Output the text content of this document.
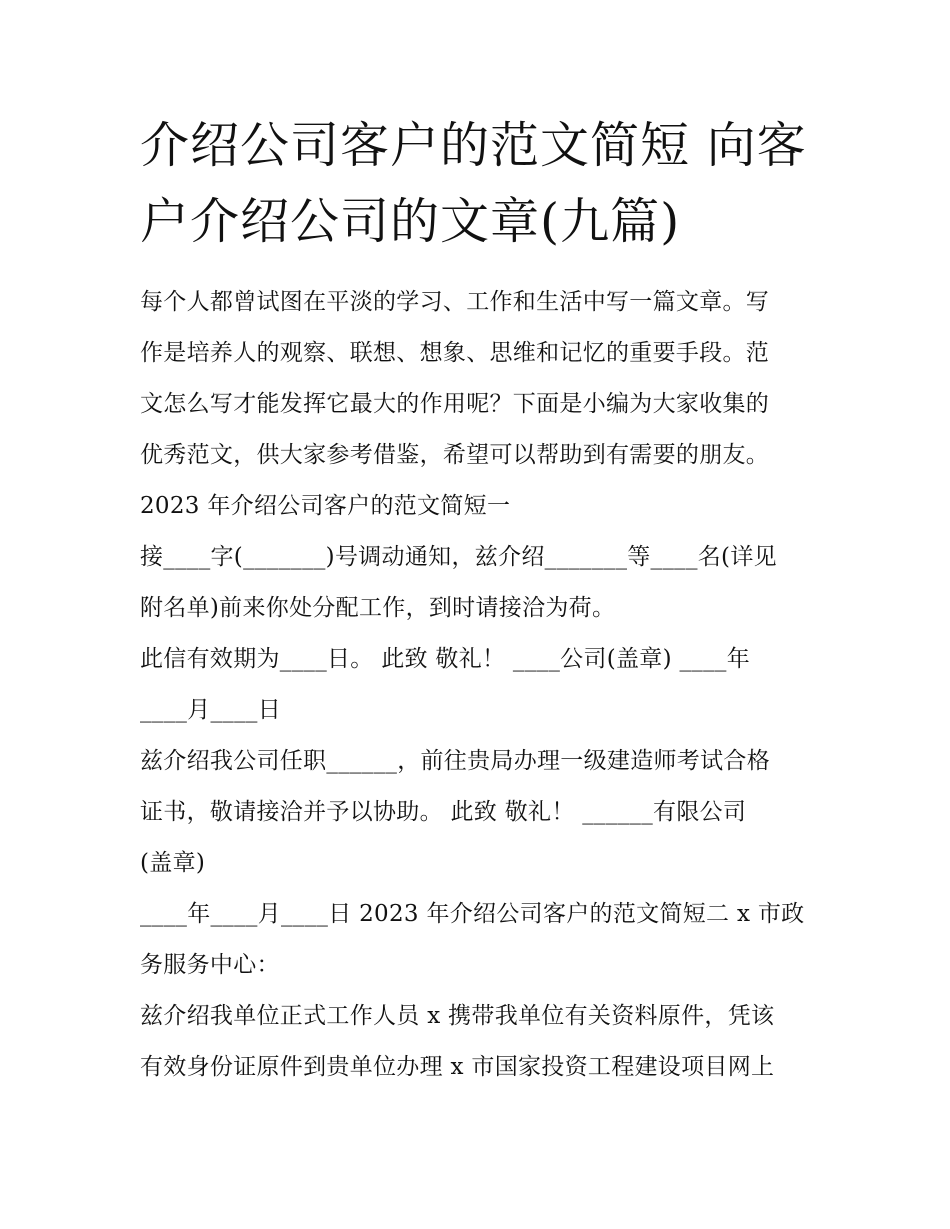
介绍公司客户的范文简短 向客
户介绍公司的文章(九篇)
每个人都曾试图在平淡的学习、工作和生活中写一篇文章。写
作是培养人的观察、联想、想象、思维和记忆的重要手段。范
文怎么写才能发挥它最大的作用呢？下面是小编为大家收集的
优秀范文，供大家参考借鉴，希望可以帮助到有需要的朋友。
2023 年介绍公司客户的范文简短一
接____字(_______)号调动通知，兹介绍_______等____名(详见
附名单)前来你处分配工作，到时请接洽为荷。
此信有效期为____日。 此致 敬礼！ ____公司(盖章) ____年
____月____日
兹介绍我公司任职______，前往贵局办理一级建造师考试合格
证书，敬请接洽并予以协助。 此致 敬礼！ ______有限公司
(盖章)
____年____月____日 2023 年介绍公司客户的范文简短二 x 市政
务服务中心：
兹介绍我单位正式工作人员 x 携带我单位有关资料原件，凭该
有效身份证原件到贵单位办理 x 市国家投资工程建设项目网上
